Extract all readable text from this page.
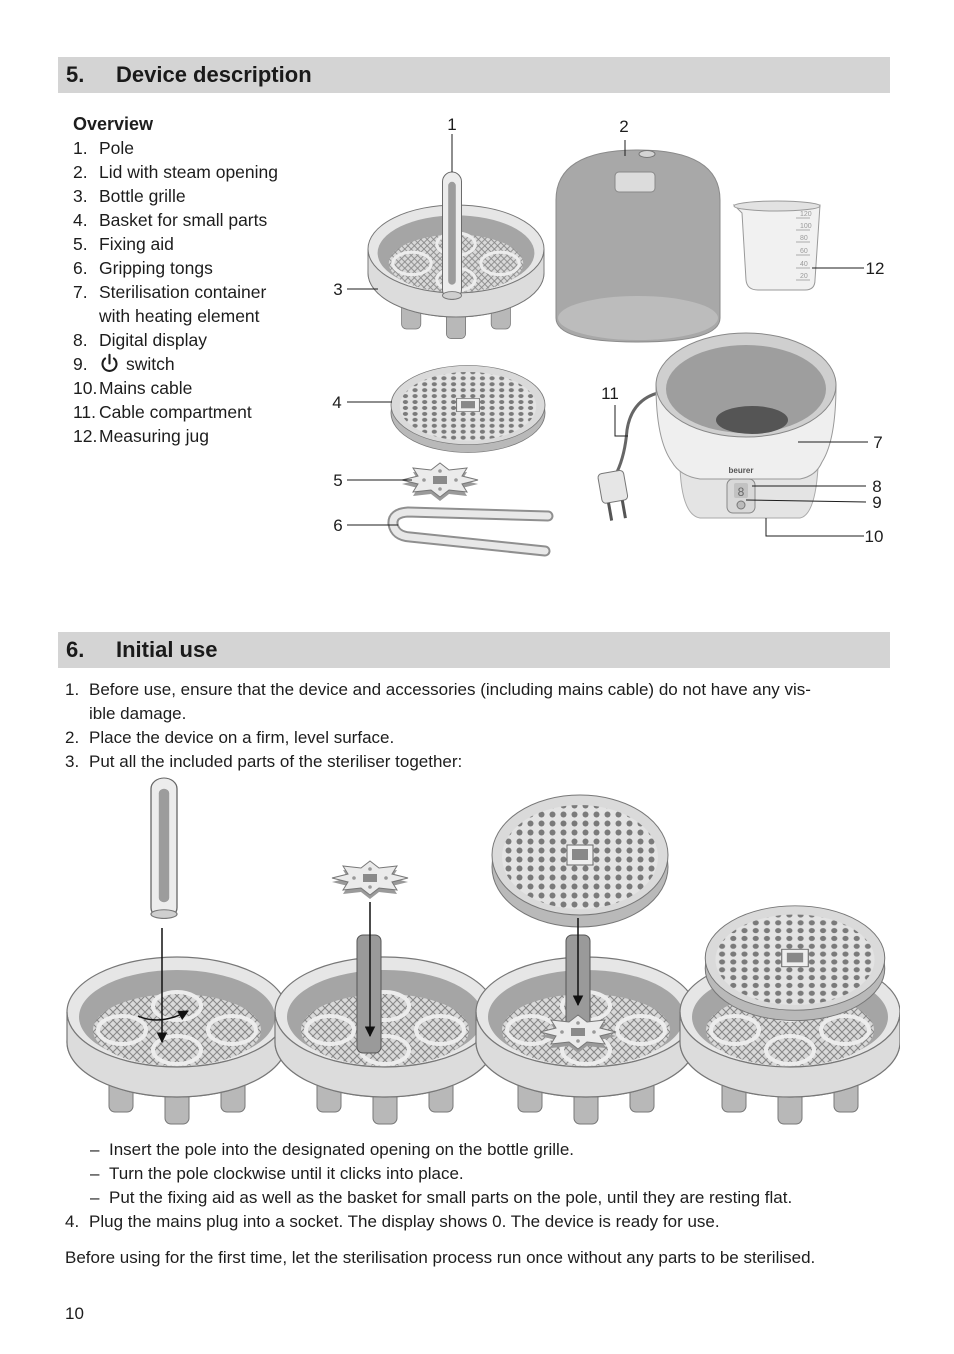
5. Device description
Overview
1. Pole
2. Lid with steam opening
3. Bottle grille
4. Basket for small parts
5. Fixing aid
6. Gripping tongs
7. Sterilisation container
with heating element
8. Digital display
9.	switch
10. Mains cable
11. Cable compartment
12. Measuring jug
120
100
80
60
40
20
beurer
8
1	2
3
4
5
6
7
8
9
10
11
12
6. Initial use
1. Before use, ensure that the device and accessories (including mains cable) do not have any vis-
ible damage.
2. Place the device on a firm, level surface.
3. Put all the included parts of the steriliser together:
– Insert the pole into the designated opening on the bottle grille.
– Turn the pole clockwise until it clicks into place.
– Put the fixing aid as well as the basket for small parts on the pole, until they are resting flat.
4. Plug the mains plug into a socket. The display shows 0. The device is ready for use.
Before using for the first time, let the sterilisation process run once without any parts to be sterilised.
10
